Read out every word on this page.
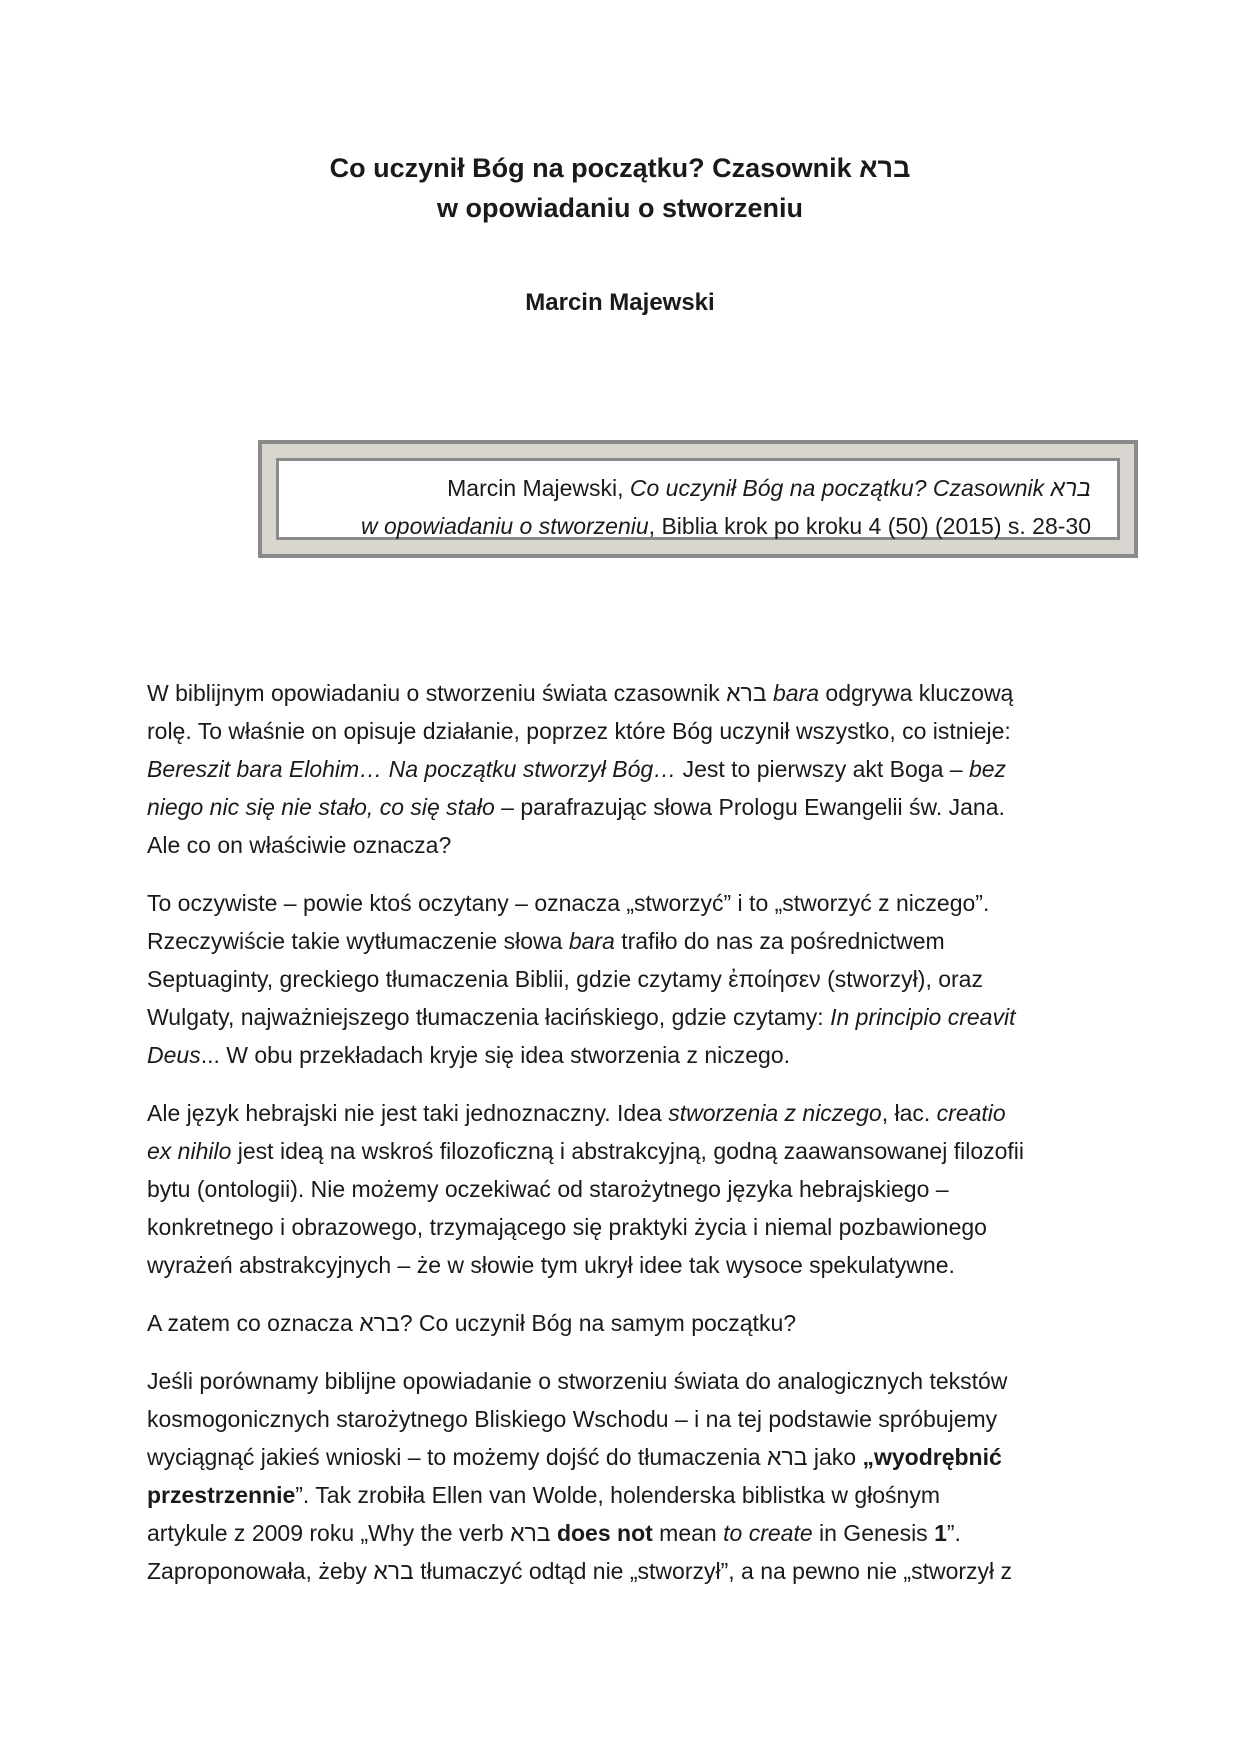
Co uczynił Bóg na początku? Czasownik ברא
w opowiadaniu o stworzeniu
Marcin Majewski
Marcin Majewski, Co uczynił Bóg na początku? Czasownik ברא
w opowiadaniu o stworzeniu, Biblia krok po kroku 4 (50) (2015) s. 28-30

W biblijnym opowiadaniu o stworzeniu świata czasownik ברא bara odgrywa kluczową
rolę. To właśnie on opisuje działanie, poprzez które Bóg uczynił wszystko, co istnieje:
Bereszit bara Elohim… Na początku stworzył Bóg… Jest to pierwszy akt Boga – bez
niego nic się nie stało, co się stało – parafrazując słowa Prologu Ewangelii św. Jana.
Ale co on właściwie oznacza?

To oczywiste – powie ktoś oczytany – oznacza „stworzyć” i to „stworzyć z niczego”.
Rzeczywiście takie wytłumaczenie słowa bara trafiło do nas za pośrednictwem
Septuaginty, greckiego tłumaczenia Biblii, gdzie czytamy ἐποίησεν (stworzył), oraz
Wulgaty, najważniejszego tłumaczenia łacińskiego, gdzie czytamy: In principio creavit
Deus... W obu przekładach kryje się idea stworzenia z niczego.

Ale język hebrajski nie jest taki jednoznaczny. Idea stworzenia z niczego, łac. creatio
ex nihilo jest ideą na wskroś filozoficzną i abstrakcyjną, godną zaawansowanej filozofii
bytu (ontologii). Nie możemy oczekiwać od starożytnego języka hebrajskiego –
konkretnego i obrazowego, trzymającego się praktyki życia i niemal pozbawionego
wyrażeń abstrakcyjnych – że w słowie tym ukrył idee tak wysoce spekulatywne.

A zatem co oznacza ברא? Co uczynił Bóg na samym początku?

Jeśli porównamy biblijne opowiadanie o stworzeniu świata do analogicznych tekstów
kosmogonicznych starożytnego Bliskiego Wschodu – i na tej podstawie spróbujemy
wyciągnąć jakieś wnioski – to możemy dojść do tłumaczenia ברא jako „wyodrębnić
przestrzennie”. Tak zrobiła Ellen van Wolde, holenderska biblistka w głośnym
artykule z 2009 roku „Why the verb ברא does not mean to create in Genesis 1”.
Zaproponowała, żeby ברא tłumaczyć odtąd nie „stworzył”, a na pewno nie „stworzył z
